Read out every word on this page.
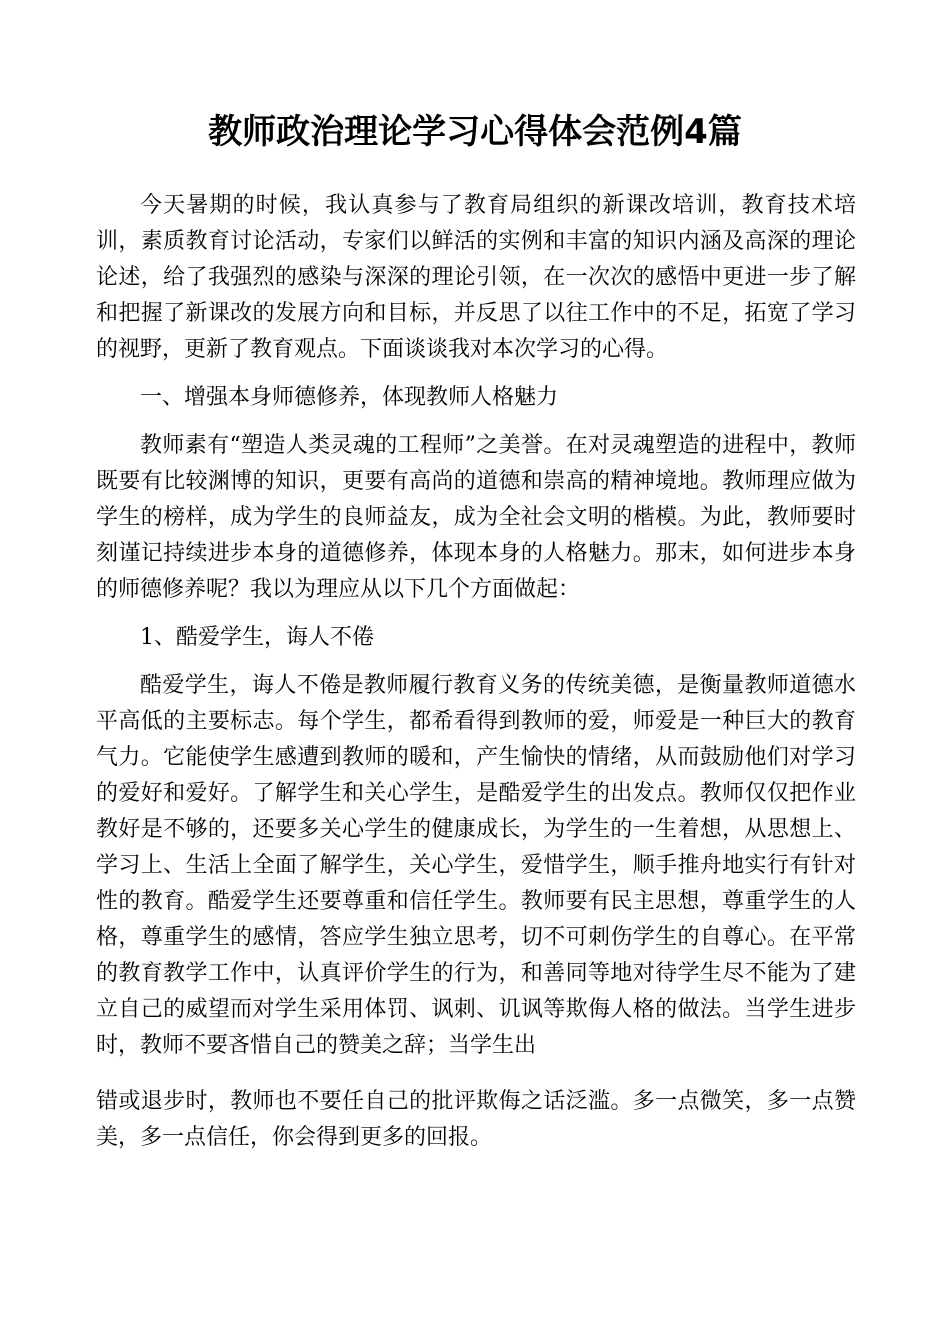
教师政治理论学习心得体会范例4篇

今天暑期的时候，我认真参与了教育局组织的新课改培训，教育技术培训，素质教育讨论活动，专家们以鲜活的实例和丰富的知识内涵及高深的理论论述，给了我强烈的感染与深深的理论引领，在一次次的感悟中更进一步了解和把握了新课改的发展方向和目标，并反思了以往工作中的不足，拓宽了学习的视野，更新了教育观点。下面谈谈我对本次学习的心得。

一、增强本身师德修养，体现教师人格魅力

教师素有“塑造人类灵魂的工程师”之美誉。在对灵魂塑造的进程中，教师既要有比较渊博的知识，更要有高尚的道德和崇高的精神境地。教师理应做为学生的榜样，成为学生的良师益友，成为全社会文明的楷模。为此，教师要时刻谨记持续进步本身的道德修养，体现本身的人格魅力。那末，如何进步本身的师德修养呢？我以为理应从以下几个方面做起：

1、酷爱学生，诲人不倦

酷爱学生，诲人不倦是教师履行教育义务的传统美德，是衡量教师道德水平高低的主要标志。每个学生，都希看得到教师的爱，师爱是一种巨大的教育气力。它能使学生感遭到教师的暖和，产生愉快的情绪，从而鼓励他们对学习的爱好和爱好。了解学生和关心学生，是酷爱学生的出发点。教师仅仅把作业教好是不够的，还要多关心学生的健康成长，为学生的一生着想，从思想上、学习上、生活上全面了解学生，关心学生，爱惜学生，顺手推舟地实行有针对性的教育。酷爱学生还要尊重和信任学生。教师要有民主思想，尊重学生的人格，尊重学生的感情，答应学生独立思考，切不可刺伤学生的自尊心。在平常的教育教学工作中，认真评价学生的行为，和善同等地对待学生尽不能为了建立自己的威望而对学生采用体罚、讽刺、讥讽等欺侮人格的做法。当学生进步时，教师不要吝惜自己的赞美之辞；当学生出

错或退步时，教师也不要任自己的批评欺侮之话泛滥。多一点微笑，多一点赞美，多一点信任，你会得到更多的回报。
